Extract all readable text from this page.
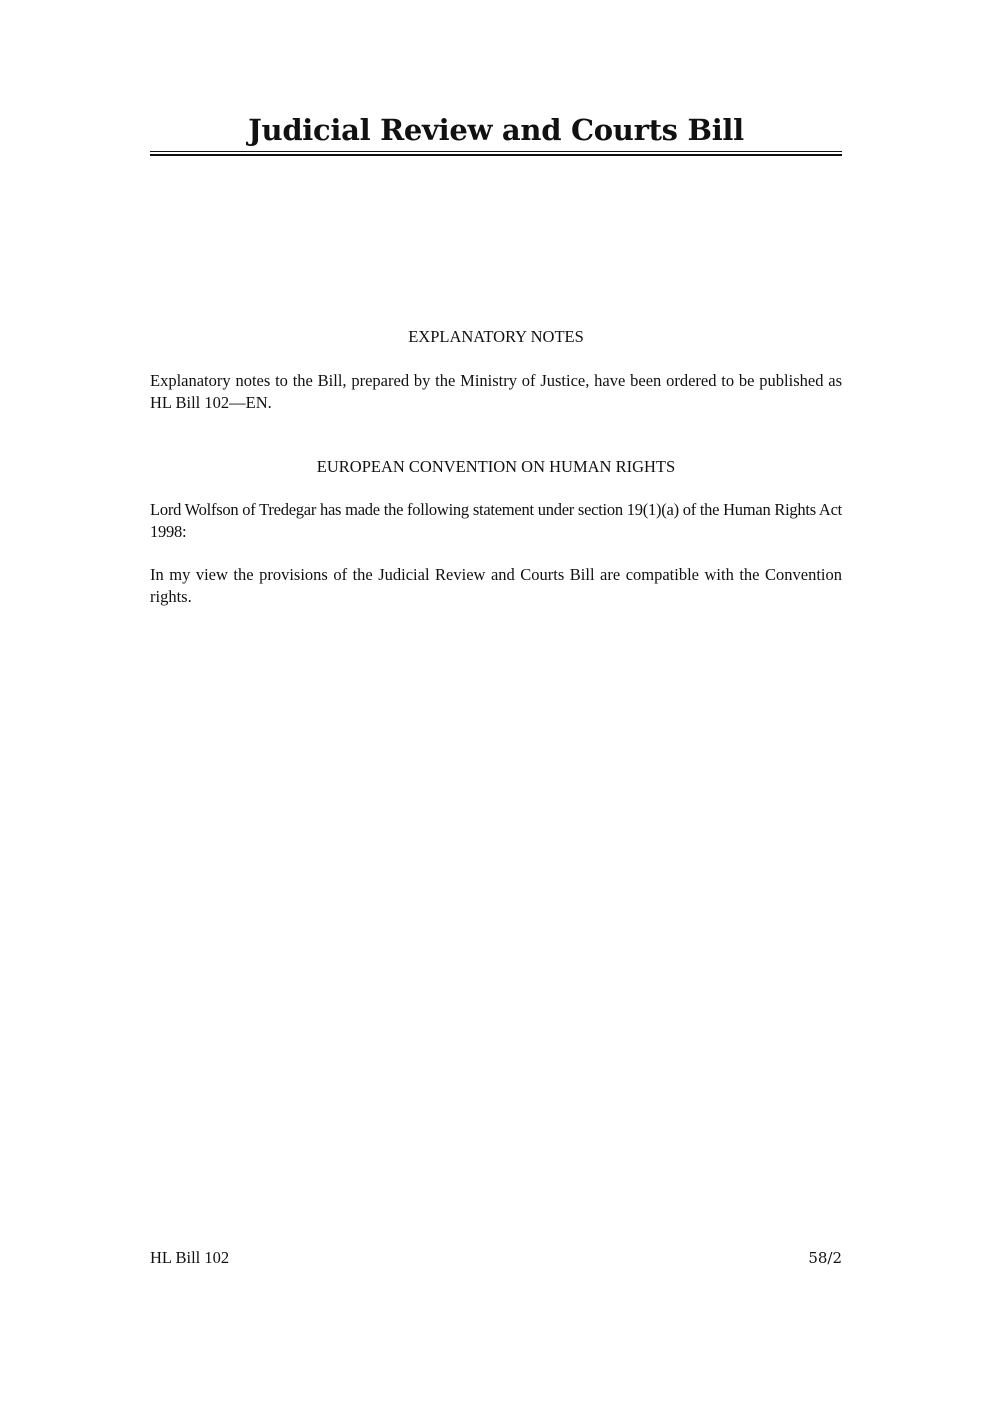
Judicial Review and Courts Bill
EXPLANATORY NOTES

Explanatory notes to the Bill, prepared by the Ministry of Justice, have been ordered to be published as HL Bill 102—EN.

EUROPEAN CONVENTION ON HUMAN RIGHTS

Lord Wolfson of Tredegar has made the following statement under section 19(1)(a) of the Human Rights Act 1998:

In my view the provisions of the Judicial Review and Courts Bill are compatible with the Convention rights.

HL Bill 102	58/2
